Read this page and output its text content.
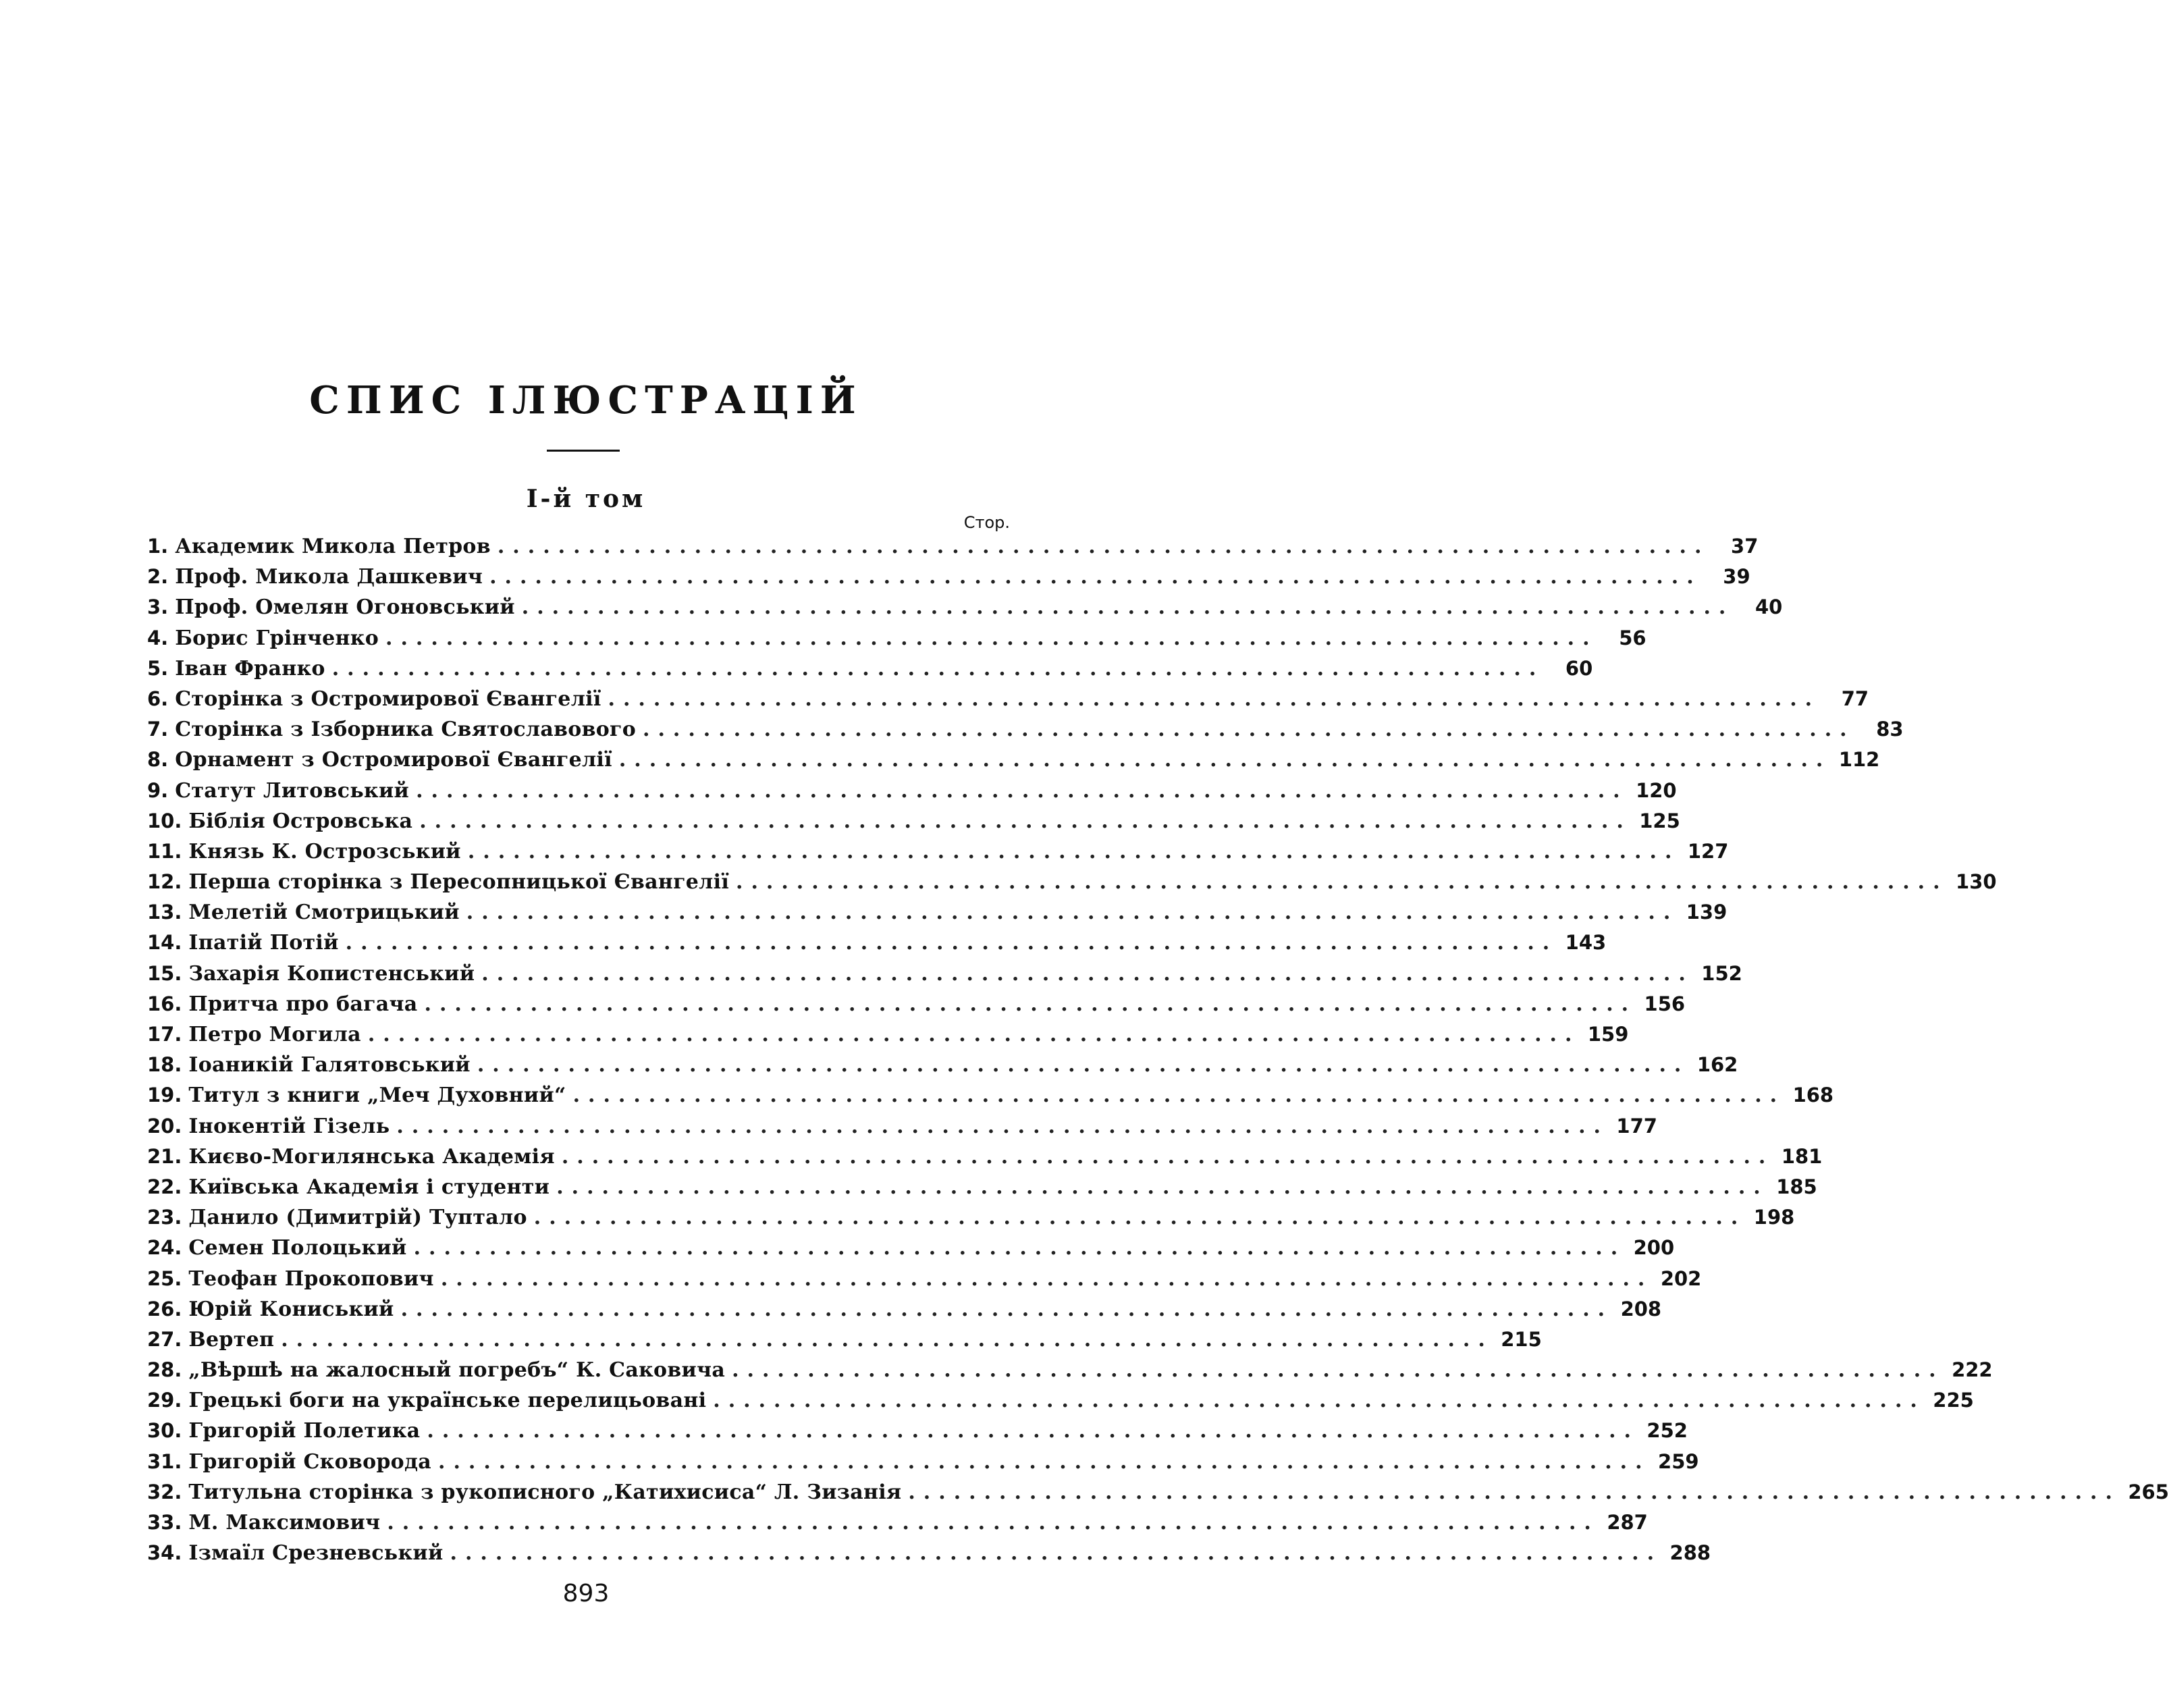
СПИС ІЛЮСТРАЦІЙ
І-й том
Стор.
1. Академик Микола Петров ................................................................................	37
2. Проф. Микола Дашкевич ................................................................................	39
3. Проф. Омелян Огоновський ................................................................................	40
4. Борис Грінченко ................................................................................	56
5. Іван Франко ................................................................................	60
6. Сторінка з Остромирової Євангелії ................................................................................	77
7. Сторінка з Ізборника Святославового ................................................................................	83
8. Орнамент з Остромирової Євангелії ................................................................................ 112
9. Статут Литовський ................................................................................ 120
10. Біблія Островська ................................................................................ 125
11. Князь К. Острозський ................................................................................ 127
12. Перша сторінка з Пересопницької Євангелії ................................................................................ 130
13. Мелетій Смотрицький ................................................................................ 139
14. Іпатій Потій ................................................................................ 143
15. Захарія Копистенський ................................................................................ 152
16. Притча про багача ................................................................................ 156
17. Петро Могила ................................................................................ 159
18. Іоаникій Галятовський ................................................................................ 162
19. Титул з книги „Меч Духовний“ ................................................................................ 168
20. Інокентій Гізель ................................................................................ 177
21. Києво-Могилянська Академія ................................................................................ 181
22. Київська Академія і студенти ................................................................................ 185
23. Данило (Димитрій) Туптало ................................................................................ 198
24. Семен Полоцький ................................................................................ 200
25. Теофан Прокопович ................................................................................ 202
26. Юрій Кониський ................................................................................ 208
27. Вертеп ................................................................................ 215
28. „Вѣршѣ на жалосный погребъ“ К. Саковича ................................................................................ 222
29. Грецькі боги на українське перелицьовані ................................................................................ 225
30. Григорій Полетика ................................................................................ 252
31. Григорій Сковорода ................................................................................ 259
32. Титульна сторінка з рукописного „Катихисиса“ Л. Зизанія ................................................................................ 265
33. М. Максимович ................................................................................ 287
34. Ізмаїл Срезневський ................................................................................ 288
893
